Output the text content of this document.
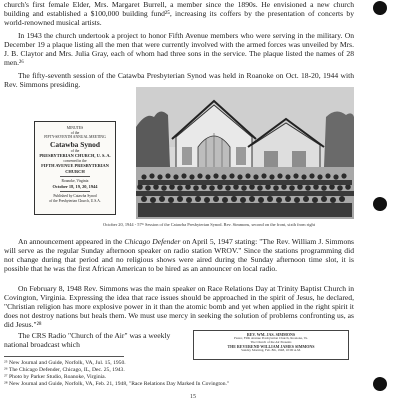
church's first female Elder, Mrs. Margaret Burrell, a member since the 1890s. He envisioned a new church building and established a $100,000 building fund²⁵, increasing its coffers by the presentation of concerts by world-renowned musical artists.

In 1943 the church undertook a project to honor Fifth Avenue members who were serving in the military. On December 19 a plaque listing all the men that were currently involved with the armed forces was unveiled by Mrs. J. B. Claytor and Mrs. Julia Gray, each of whom had three sons in the service. The plaque listed the names of 28 men.²⁶

The fifty-seventh session of the Catawba Presbyterian Synod was held in Roanoke on Oct. 18-20, 1944 with Rev. Simmons presiding.

MINUTES
of the
FIFTY-SEVENTH ANNUAL MEETING
Catawba Synod
of the
PRESBYTERIAN CHURCH, U. S. A.
convened in the
FIFTH AVENUE PRESBYTERIAN
CHURCH
Roanoke, Virginia
October 18, 19, 20, 1944
Published by Catawba Synod
of the Presbyterian Church, U.S.A.
October 20, 1944 - 57ᵗʰ Session of the Catawba Presbyterian Synod. Rev. Simmons, second on the front, sixth from right

An announcement appeared in the Chicago Defender on April 5, 1947 stating: "The Rev. William J. Simmons will serve as the regular Sunday afternoon speaker on radio station WROV." Since the stations programming did not change during that period and no religious shows were aired during the Sunday afternoon time slot, it is possible that he was the first African American to be hired as an announcer on local radio.

On February 8, 1948 Rev. Simmons was the main speaker on Race Relations Day at Trinity Baptist Church in Covington, Virginia. Expressing the idea that race issues should be approached in the spirit of Jesus, he declared, "Christian religion has more explosive power in it than the atomic bomb and yet when applied in the right spirit it does not destroy nations but heals them. We must use mercy in seeking the solution of problems confronting us, as did Jesus."²⁸

The CRS Radio "Church of the Air" was a weekly national broadcast which

REV. WM. JAS. SIMMONS
Pastor, Fifth Avenue Presbyterian Church, Roanoke, Va.
The Church of the Air Presents
THE REVEREND WILLIAM JAMES SIMMONS
Sunday Morning, Feb. 8th, 1948, 10:00 A.M.
²⁵ New Journal and Guide, Norfolk, VA, Jul. 15, 1950.
²⁶ The Chicago Defender, Chicago, IL, Dec. 25, 1943.
²⁷ Photo by Parker Studio, Roanoke, Virginia.
²⁸ New Journal and Guide, Norfolk, VA, Feb. 21, 1948, "Race Relations Day Marked In Covington."
15
